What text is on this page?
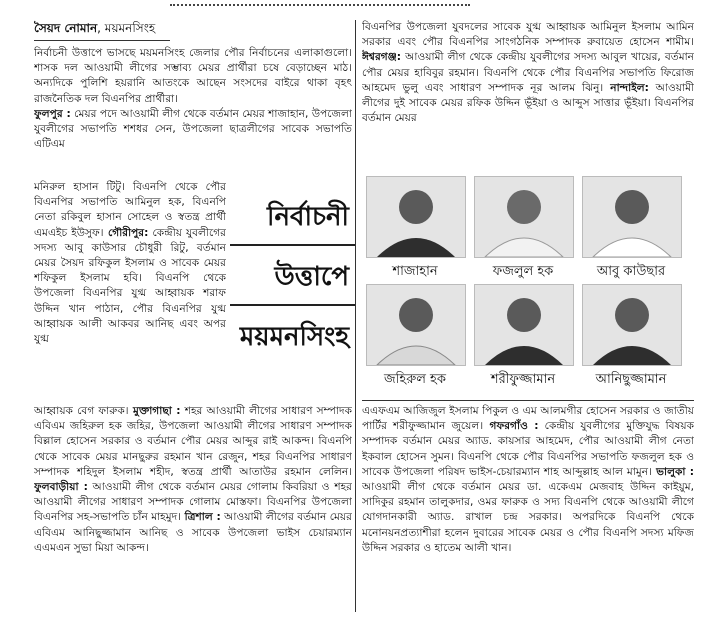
সৈয়দ নোমান, ময়মনসিংহ

নির্বাচনী উত্তাপে ভাসছে ময়মনসিংহ জেলার পৌর নির্বাচনের এলাকাগুলো। শাসক দল আওয়ামী লীগের সম্ভাব্য মেয়র প্রার্থীরা চষে বেড়াচ্ছেন মাঠ। অন্যদিকে পুলিশি হয়রানি আতংকে আছেন সংসদের বাইরে থাকা বৃহৎ রাজনৈতিক দল বিএনপির প্রার্থীরা।
ফুলপুর : মেয়র পদে আওয়ামী লীগ থেকে বর্তমান মেয়র শাজাহান, উপজেলা যুবলীগের সভাপতি শশধর সেন, উপজেলা ছাত্রলীগের সাবেক সভাপতি এটিএম

মনিরুল হাসান টিটু। বিএনপি থেকে পৌর বিএনপির সভাপতি আমিনুল হক, বিএনপি নেতা রকিবুল হাসান সোহেল ও স্বতন্ত্র প্রার্থী এমএইচ ইউসুফ। গৌরীপুর: কেন্দ্রীয় যুবলীগের সদস্য আবু কাউসার চৌধুরী রিটু, বর্তমান মেয়র সৈয়দ রফিকুল ইসলাম ও সাবেক মেয়র শফিকুল ইসলাম হবি। বিএনপি থেকে উপজেলা বিএনপির যুগ্ম আহ্বায়ক শরাফ উদ্দিন খান পাঠান, পৌর বিএনপির যুগ্ম আহ্বায়ক আলী আকবর আনিছ এবং অপর যুগ্ম

নির্বাচনী
উত্তাপে
ময়মনসিংহ

আহ্বায়ক বেগ ফারুক। মুক্তাগাছা : শহর আওয়ামী লীগের সাধারণ সম্পাদক এবিএম জহিরুল হক জহির, উপজেলা আওয়ামী লীগের সাধারণ সম্পাদক বিল্লাল হোসেন সরকার ও বর্তমান পৌর মেয়র আব্দুর রাই আকন্দ। বিএনপি থেকে সাবেক মেয়র মানছুরুর রহমান খান রেজুন, শহর বিএনপির সাধারণ সম্পাদক শহিদুল ইসলাম শহীদ, স্বতন্ত্র প্রার্থী আতাউর রহমান লেলিন। ফুলবাড়ীয়া : আওয়ামী লীগ থেকে বর্তমান মেয়র গোলাম কিবরিয়া ও শহর আওয়ামী লীগের সাধারণ সম্পাদক গোলাম মোস্তফা। বিএনপির উপজেলা বিএনপির সহ-সভাপতি চাঁন মাহমুদ। ত্রিশাল : আওয়ামী লীগের বর্তমান মেয়র এবিএম আনিছুজ্জামান আনিছ ও সাবেক উপজেলা ভাইস চেয়ারম্যান এএমএন সুভা মিয়া আকন্দ।

বিএনপির উপজেলা যুবদলের সাবেক যুগ্ম আহ্বায়ক আমিনুল ইসলাম আমিন সরকার এবং পৌর বিএনপির সাংগঠনিক সম্পাদক রুবায়েত হোসেন শামীম। ঈশ্বরগঞ্জ: আওয়ামী লীগ থেকে কেন্দ্রীয় যুবলীগের সদস্য আবুল খায়ের, বর্তমান পৌর মেয়র হাবিবুর রহমান। বিএনপি থেকে পৌর বিএনপির সভাপতি ফিরোজ আহমেদ ভুলু এবং সাধারণ সম্পাদক নূর আলম ঝিনু। নান্দাইল: আওয়ামী লীগের দুই সাবেক মেয়র রফিক উদ্দিন ভূঁইয়া ও আব্দুস সাত্তার ভূঁইয়া। বিএনপির বর্তমান মেয়র

শাজাহান	ফজলুল হক	আবু কাউছার
জহিরুল হক	শরীফুজ্জামান	আনিছুজ্জামান

এএফএম আজিজুল ইসলাম পিকুল ও এম আলমগীর হোসেন সরকার ও জাতীয় পার্টির শরীফুজ্জামান জুয়েল। গফরগাঁও : কেন্দ্রীয় যুবলীগের মুক্তিযুদ্ধ বিষয়ক সম্পাদক বর্তমান মেয়র অ্যাড. কায়সার আহমেদ, পৌর আওয়ামী লীগ নেতা ইকবাল হোসেন সুমন। বিএনপি থেকে পৌর বিএনপির সভাপতি ফজলুল হক ও সাবেক উপজেলা পরিষদ ভাইস-চেয়ারম্যান শাহ আব্দুল্লাহ আল মামুন। ভালুকা : আওয়ামী লীগ থেকে বর্তমান মেয়র ডা. একেএম মেজবাহ উদ্দিন কাইয়ুম, সাদিকুর রহমান তালুকদার, ওমর ফারুক ও সদ্য বিএনপি থেকে আওয়ামী লীগে যোগদানকারী অ্যাড. রাখাল চন্দ্র সরকার। অপরদিকে বিএনপি থেকে মনোনয়নপ্রত্যাশীরা হলেন দুবারের সাবেক মেয়র ও পৌর বিএনপি সদস্য মফিজ উদ্দিন সরকার ও হাতেম আলী খান।
